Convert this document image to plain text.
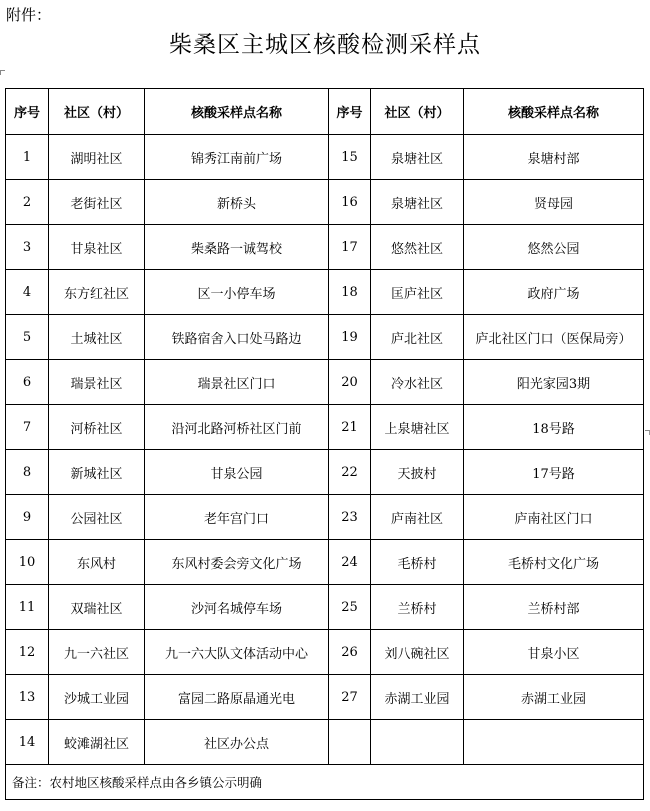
附件：
柴桑区主城区核酸检测采样点
序号	社区（村）	核酸采样点名称	序号	社区（村）	核酸采样点名称
1	湖明社区	锦秀江南前广场	15	泉塘社区	泉塘村部
2	老街社区	新桥头	16	泉塘社区	贤母园
3	甘泉社区	柴桑路一诚驾校	17	悠然社区	悠然公园
4	东方红社区	区一小停车场	18	匡庐社区	政府广场
5	土城社区	铁路宿舍入口处马路边	19	庐北社区	庐北社区门口（医保局旁）
6	瑞景社区	瑞景社区门口	20	冷水社区	阳光家园3期
7	河桥社区	沿河北路河桥社区门前	21	上泉塘社区	18号路
8	新城社区	甘泉公园	22	天披村	17号路
9	公园社区	老年宫门口	23	庐南社区	庐南社区门口
10	东风村	东风村委会旁文化广场	24	毛桥村	毛桥村文化广场
11	双瑞社区	沙河名城停车场	25	兰桥村	兰桥村部
12	九一六社区	九一六大队文体活动中心	26	刘八碗社区	甘泉小区
13	沙城工业园	富园二路原晶通光电	27	赤湖工业园	赤湖工业园
14	蛟滩湖社区	社区办公点			
备注：农村地区核酸采样点由各乡镇公示明确					
